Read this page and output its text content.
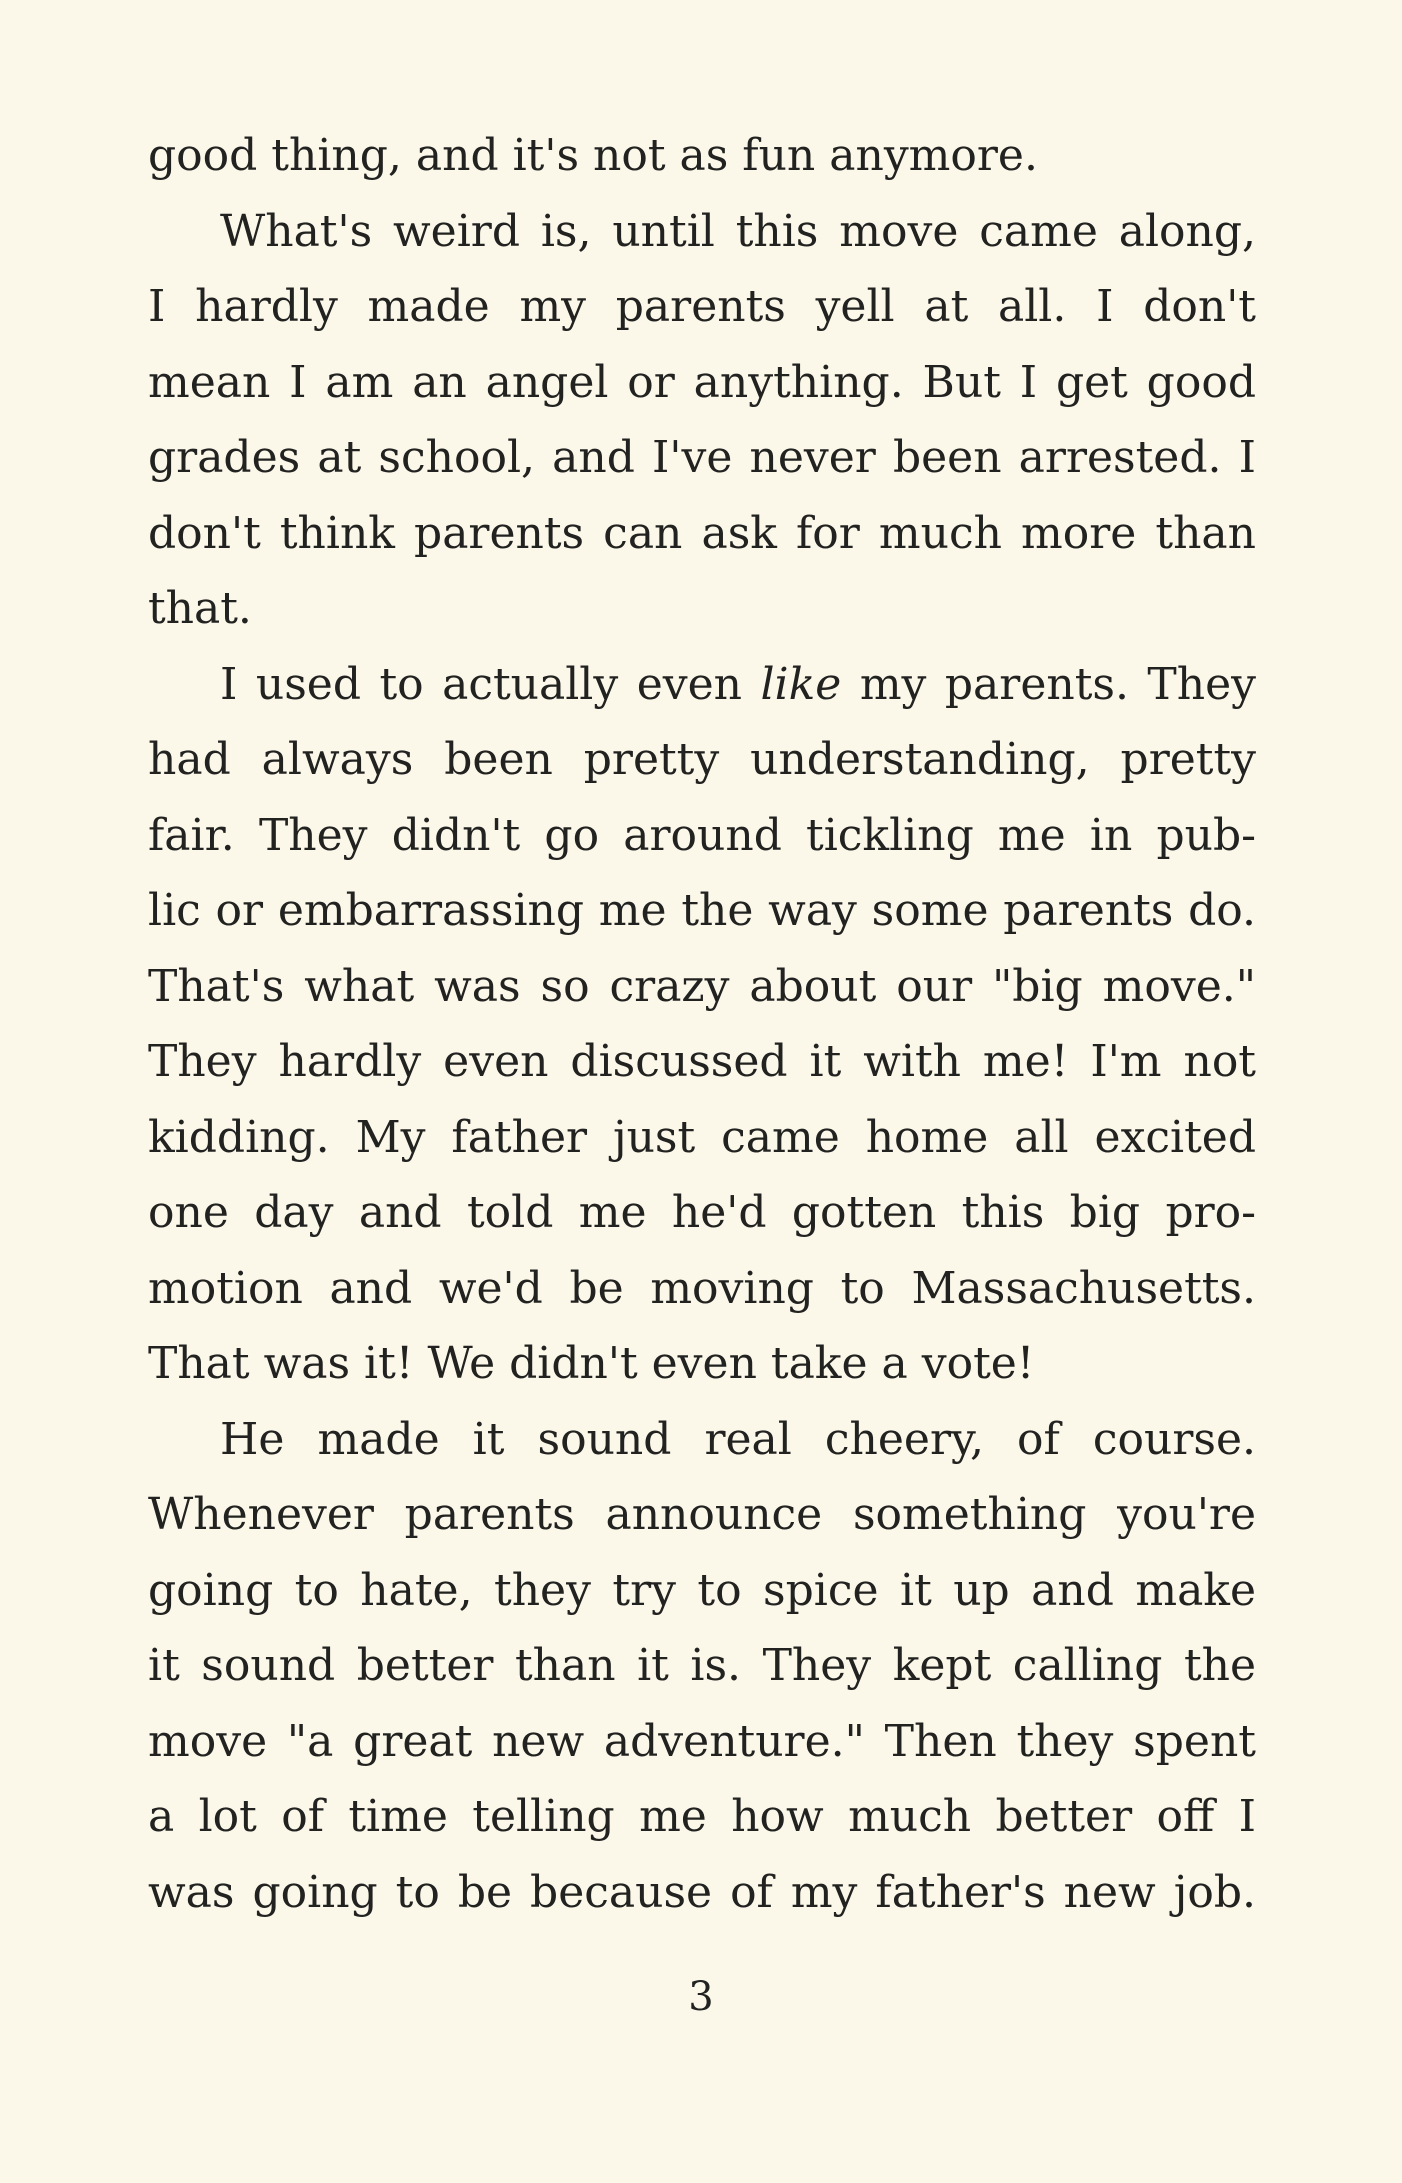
good thing, and it's not as fun anymore.
What's weird is, until this move came along,
I hardly made my parents yell at all. I don't
mean I am an angel or anything. But I get good
grades at school, and I've never been arrested. I
don't think parents can ask for much more than
that.
I used to actually even like my parents. They
had always been pretty understanding, pretty
fair. They didn't go around tickling me in pub-
lic or embarrassing me the way some parents do.
That's what was so crazy about our "big move."
They hardly even discussed it with me! I'm not
kidding. My father just came home all excited
one day and told me he'd gotten this big pro-
motion and we'd be moving to Massachusetts.
That was it! We didn't even take a vote!
He made it sound real cheery, of course.
Whenever parents announce something you're
going to hate, they try to spice it up and make
it sound better than it is. They kept calling the
move "a great new adventure." Then they spent
a lot of time telling me how much better off I
was going to be because of my father's new job.
3
